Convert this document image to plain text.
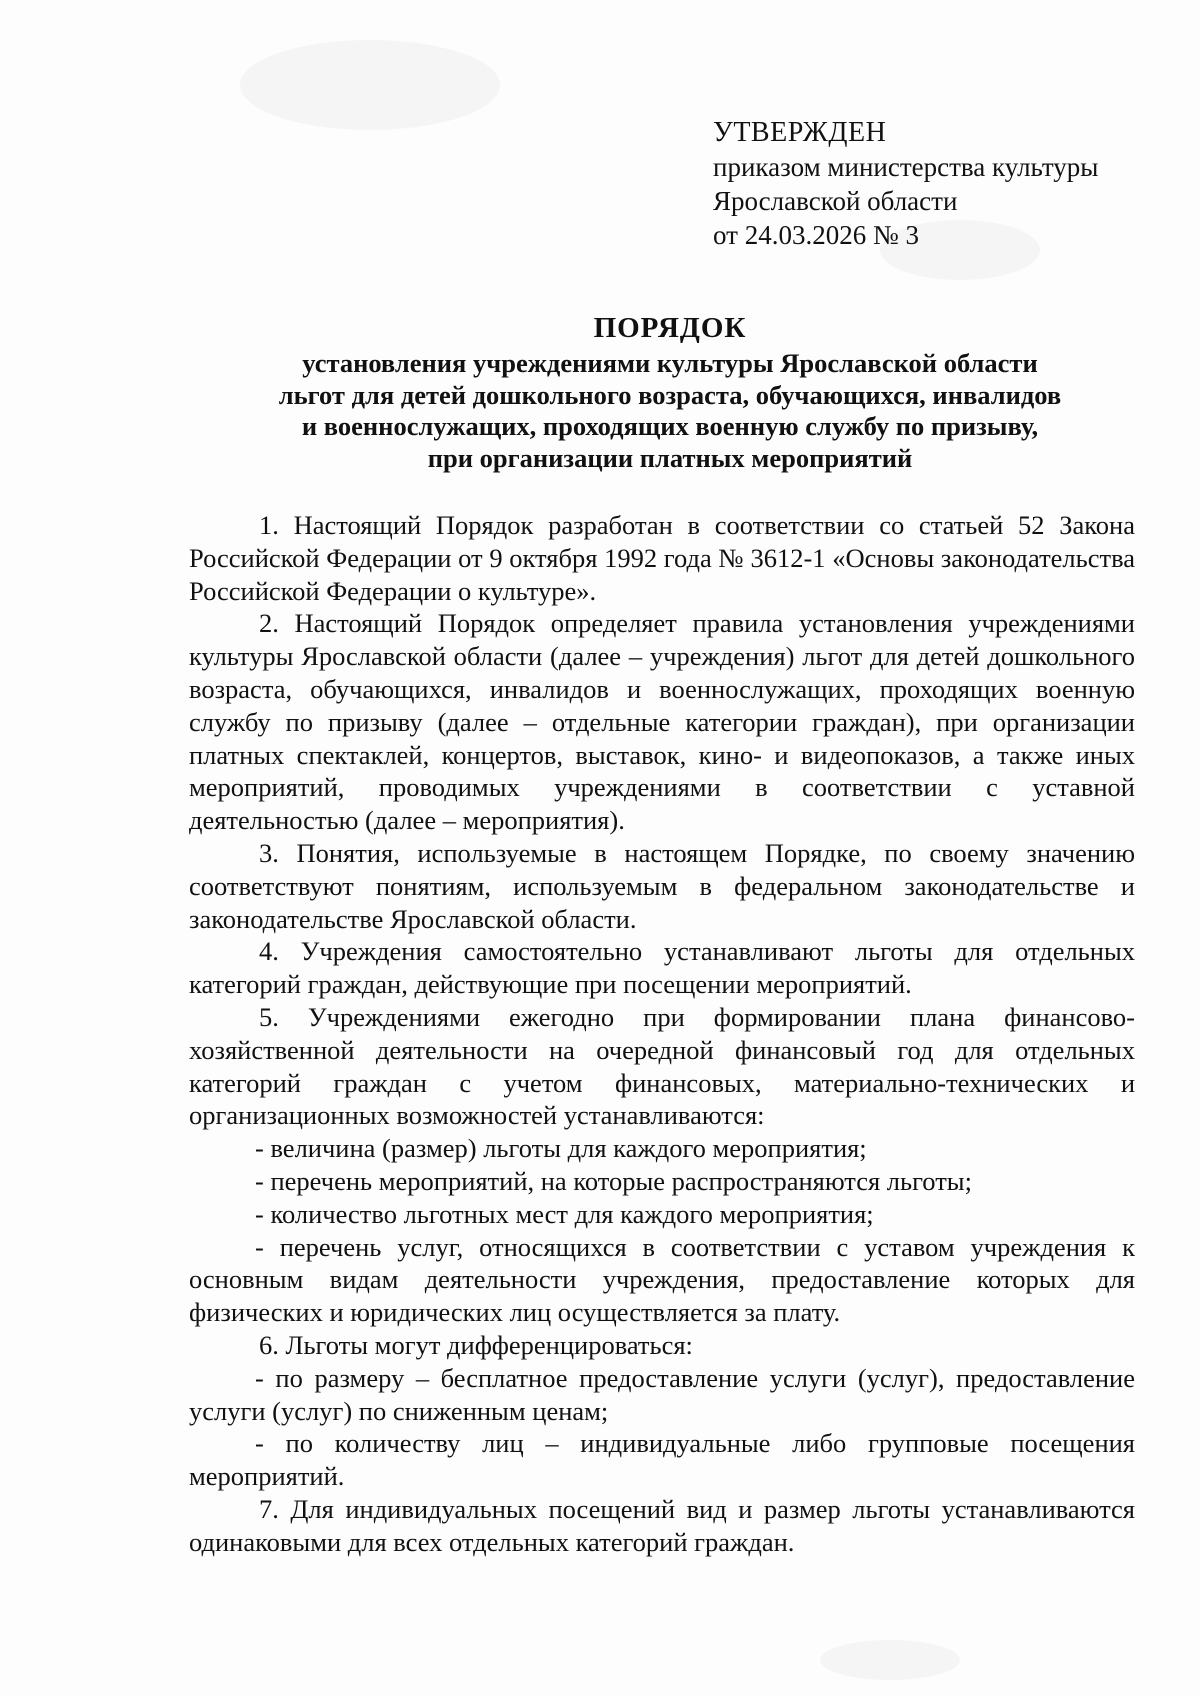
УТВЕРЖДЕН
приказом министерства культуры
Ярославской области
от 24.03.2026 № 3
ПОРЯДОК
установления учреждениями культуры Ярославской области
льгот для детей дошкольного возраста, обучающихся, инвалидов
и военнослужащих, проходящих военную службу по призыву,
при организации платных мероприятий

1. Настоящий Порядок разработан в соответствии со статьей 52 Закона Российской Федерации от 9 октября 1992 года № 3612-1 «Основы законодательства Российской Федерации о культуре».

2. Настоящий Порядок определяет правила установления учреждениями культуры Ярославской области (далее – учреждения) льгот для детей дошкольного возраста, обучающихся, инвалидов и военнослужащих, проходящих военную службу по призыву (далее – отдельные категории граждан), при организации платных спектаклей, концертов, выставок, кино- и видеопоказов, а также иных мероприятий, проводимых учреждениями в соответствии с уставной деятельностью (далее – мероприятия).

3. Понятия, используемые в настоящем Порядке, по своему значению соответствуют понятиям, используемым в федеральном законодательстве и законодательстве Ярославской области.

4. Учреждения самостоятельно устанавливают льготы для отдельных категорий граждан, действующие при посещении мероприятий.

5. Учреждениями ежегодно при формировании плана финансово-хозяйственной деятельности на очередной финансовый год для отдельных категорий граждан с учетом финансовых, материально-технических и организационных возможностей устанавливаются:

- величина (размер) льготы для каждого мероприятия;

- перечень мероприятий, на которые распространяются льготы;

- количество льготных мест для каждого мероприятия;

- перечень услуг, относящихся в соответствии с уставом учреждения к основным видам деятельности учреждения, предоставление которых для физических и юридических лиц осуществляется за плату.

6. Льготы могут дифференцироваться:

- по размеру – бесплатное предоставление услуги (услуг), предоставление услуги (услуг) по сниженным ценам;

- по количеству лиц – индивидуальные либо групповые посещения мероприятий.

7. Для индивидуальных посещений вид и размер льготы устанавливаются одинаковыми для всех отдельных категорий граждан.
